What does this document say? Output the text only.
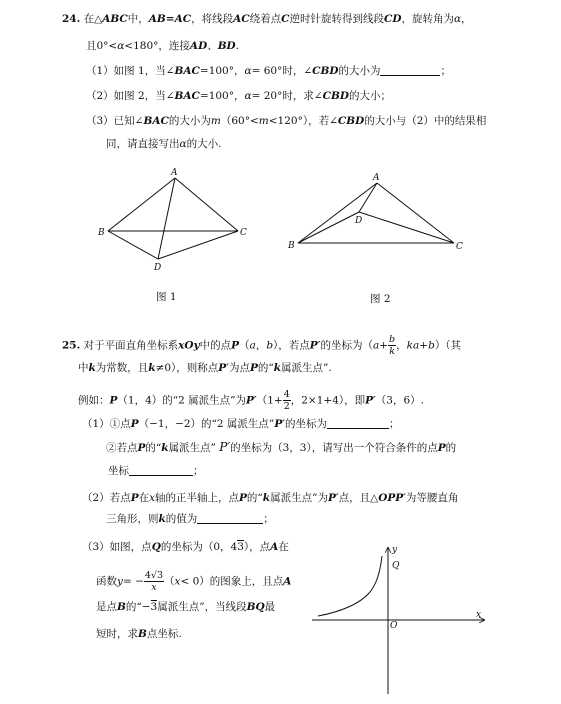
24. 在△ABC中，AB=AC，将线段AC绕着点C逆时针旋转得到线段CD，旋转角为α，
且0°<α<180°，连接AD、BD.
（1）如图 1，当∠BAC=100°，α= 60°时，∠CBD的大小为	；
（2）如图 2，当∠BAC=100°，α= 20°时，求∠CBD的大小；
（3）已知∠BAC的大小为m（60°<m<120°），若∠CBD的大小与（2）中的结果相
同，请直接写出α的大小.
A
B	C
D
A
B	C
D
图 1	图 2
25. 对于平面直角坐标系xOy中的点P（a，b），若点P′的坐标为（$a+ \frac{b}{k}$ ，ka+b）（其
中k为常数，且k≠0），则称点P′为点P的“k属派生点”.
例如：P（1，4）的“2 属派生点”为$P'(1+ \frac{4}{2}$ ，2×1+4），即P′（3，6）.
（1）①点P（−1，−2）的“2 属派生点”P′的坐标为	；
②若点P的“k属派生点” P′的坐标为（3，3），请写出一个符合条件的点P的
坐标	；
（2）若点P在x轴的正半轴上，点P的“k属派生点”为P′点，且△OPP′为等腰直角
三角形，则k的值为	；
（3）如图，点Q的坐标为（0，43），点A在
函数$y= - \frac{4√3}{x} (x< 0)$的图象上，且点A
是点B的“−3属派生点”，当线段BQ最
短时，求B点坐标.
y
Q
O
x
